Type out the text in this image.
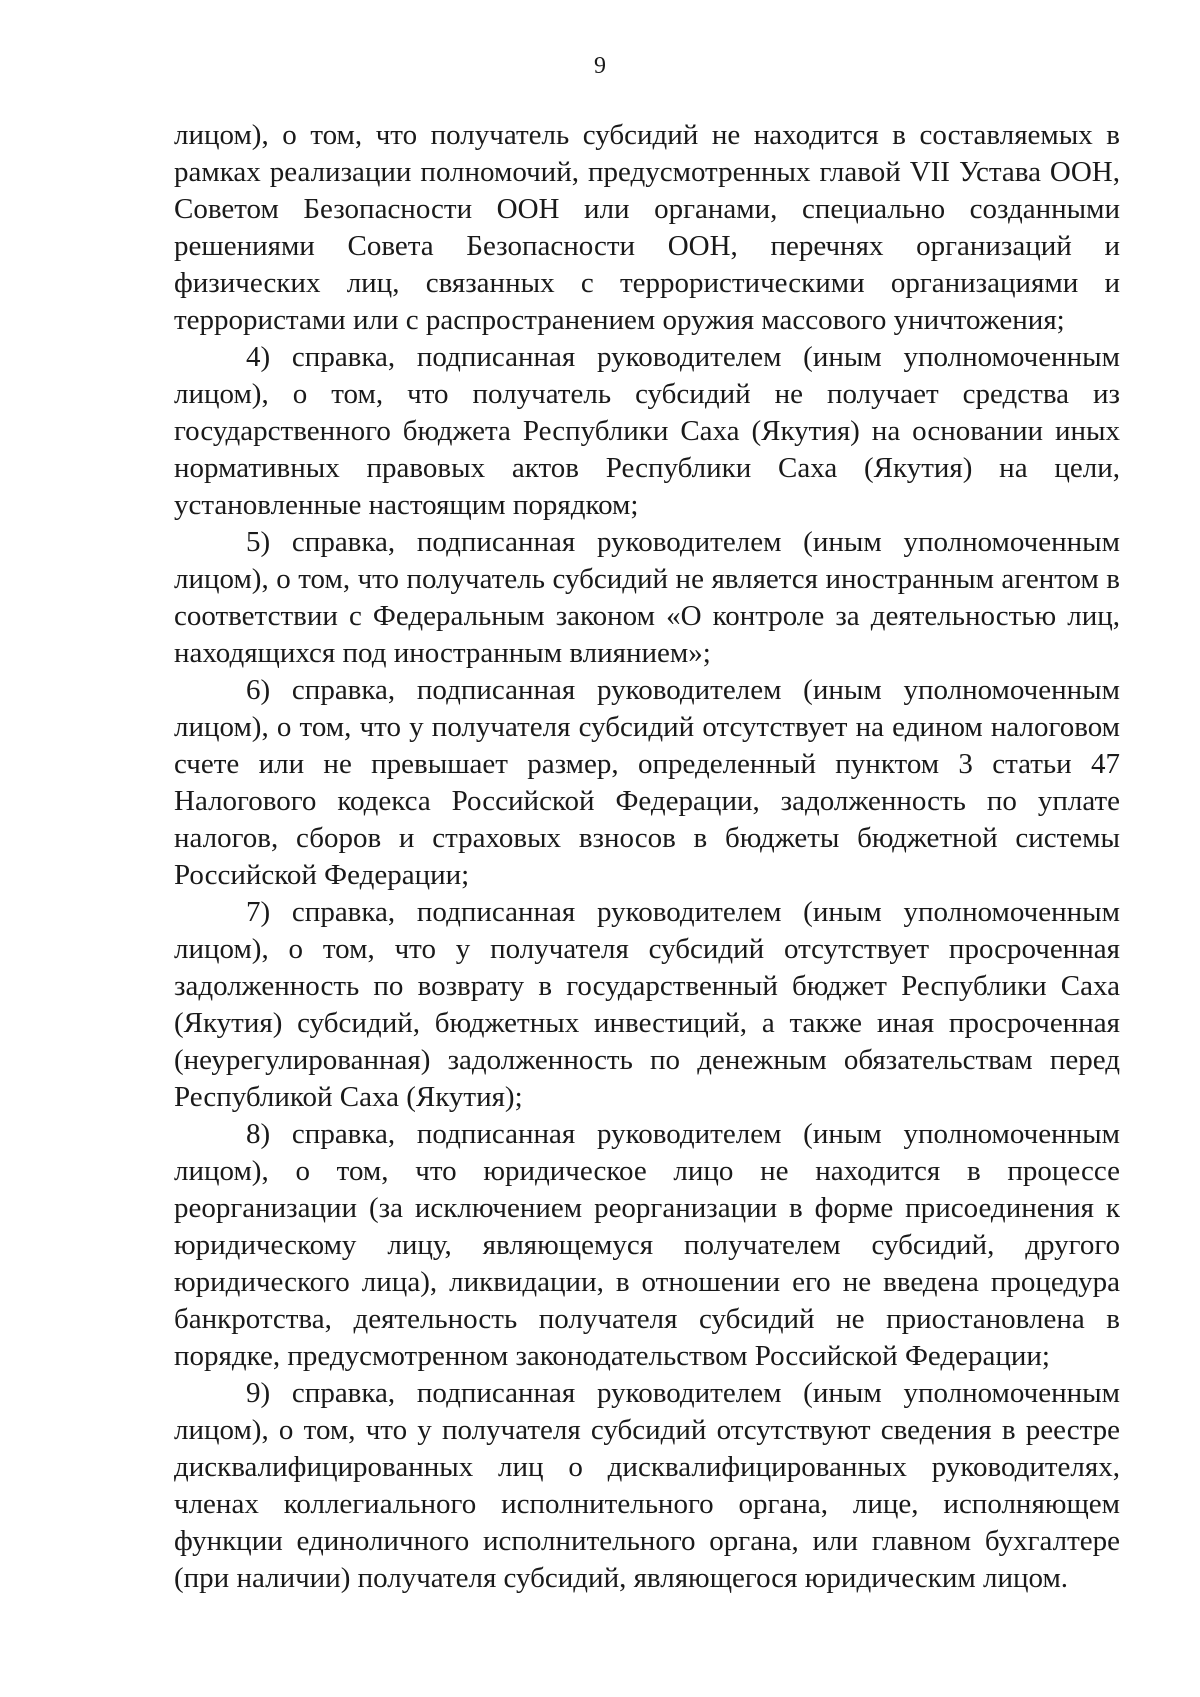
9

лицом), о том, что получатель субсидий не находится в составляемых в рамках реализации полномочий, предусмотренных главой VII Устава ООН, Советом Безопасности ООН или органами, специально созданными решениями Совета Безопасности ООН, перечнях организаций и физических лиц, связанных с террористическими организациями и террористами или с распространением оружия массового уничтожения;

4) справка, подписанная руководителем (иным уполномоченным лицом), о том, что получатель субсидий не получает средства из государственного бюджета Республики Саха (Якутия) на основании иных нормативных правовых актов Республики Саха (Якутия) на цели, установленные настоящим порядком;

5) справка, подписанная руководителем (иным уполномоченным лицом), о том, что получатель субсидий не является иностранным агентом в соответствии с Федеральным законом «О контроле за деятельностью лиц, находящихся под иностранным влиянием»;

6) справка, подписанная руководителем (иным уполномоченным лицом), о том, что у получателя субсидий отсутствует на едином налоговом счете или не превышает размер, определенный пунктом 3 статьи 47 Налогового кодекса Российской Федерации, задолженность по уплате налогов, сборов и страховых взносов в бюджеты бюджетной системы Российской Федерации;

7) справка, подписанная руководителем (иным уполномоченным лицом), о том, что у получателя субсидий отсутствует просроченная задолженность по возврату в государственный бюджет Республики Саха (Якутия) субсидий, бюджетных инвестиций, а также иная просроченная (неурегулированная) задолженность по денежным обязательствам перед Республикой Саха (Якутия);

8) справка, подписанная руководителем (иным уполномоченным лицом), о том, что юридическое лицо не находится в процессе реорганизации (за исключением реорганизации в форме присоединения к юридическому лицу, являющемуся получателем субсидий, другого юридического лица), ликвидации, в отношении его не введена процедура банкротства, деятельность получателя субсидий не приостановлена в порядке, предусмотренном законодательством Российской Федерации;

9) справка, подписанная руководителем (иным уполномоченным лицом), о том, что у получателя субсидий отсутствуют сведения в реестре дисквалифицированных лиц о дисквалифицированных руководителях, членах коллегиального исполнительного органа, лице, исполняющем функции единоличного исполнительного органа, или главном бухгалтере (при наличии) получателя субсидий, являющегося юридическим лицом.
